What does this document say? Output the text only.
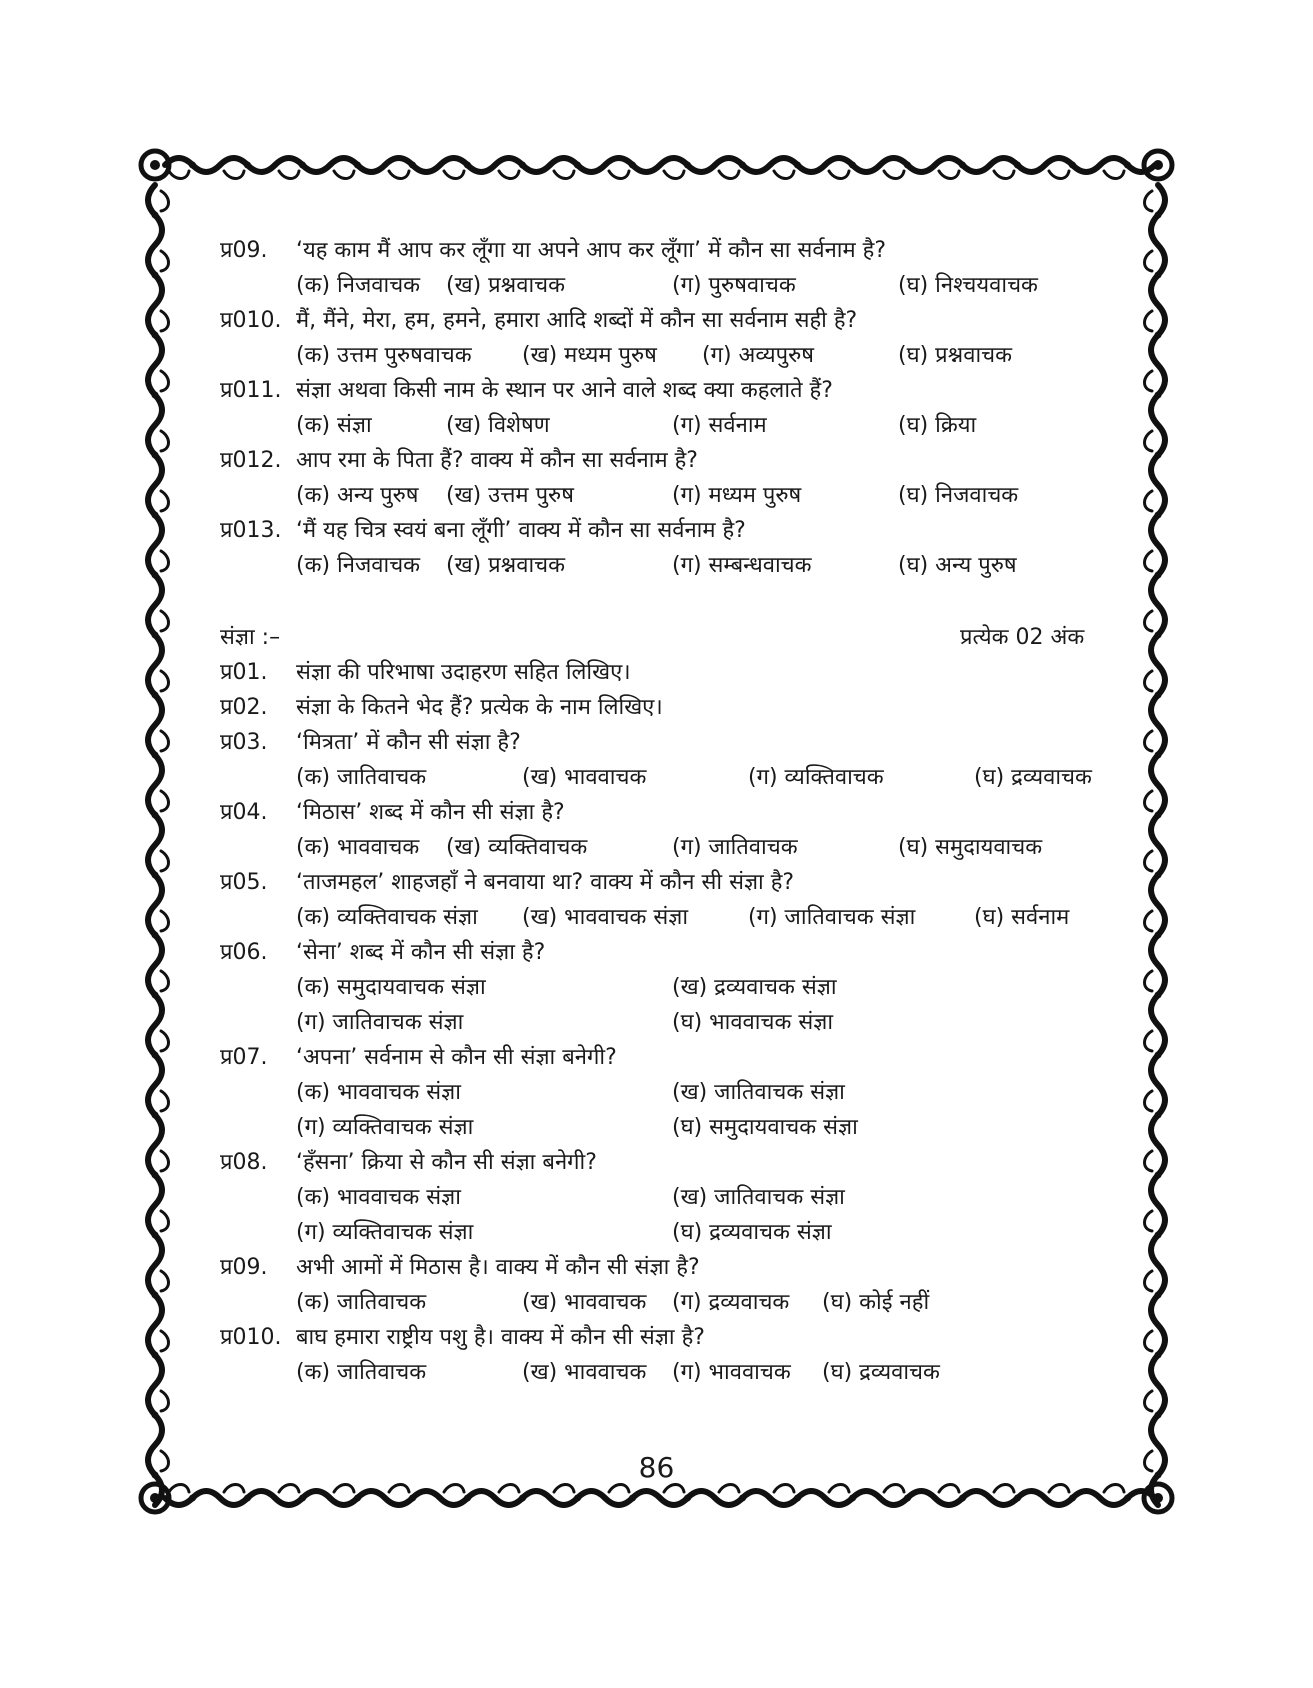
प्र09. ‘यह काम मैं आप कर लूँगा या अपने आप कर लूँगा’ में कौन सा सर्वनाम है?
(क) निजवाचक (ख) प्रश्नवाचक	(ग) पुरुषवाचक	(घ) निश्चयवाचक
प्र010. मैं, मैंने, मेरा, हम, हमने, हमारा आदि शब्दों में कौन सा सर्वनाम सही है?
(क) उत्तम पुरुषवाचक (ख) मध्यम पुरुष (ग) अव्यपुरुष	(घ) प्रश्नवाचक
प्र011. संज्ञा अथवा किसी नाम के स्थान पर आने वाले शब्द क्या कहलाते हैं?
(क) संज्ञा	(ख) विशेषण	(ग) सर्वनाम	(घ) क्रिया
प्र012. आप रमा के पिता हैं? वाक्य में कौन सा सर्वनाम है?
(क) अन्य पुरुष (ख) उत्तम पुरुष	(ग) मध्यम पुरुष	(घ) निजवाचक
प्र013. ‘मैं यह चित्र स्वयं बना लूँगी’ वाक्य में कौन सा सर्वनाम है?
(क) निजवाचक (ख) प्रश्नवाचक	(ग) सम्बन्धवाचक	(घ) अन्य पुरुष
संज्ञा :–	प्रत्येक 02 अंक
प्र01. संज्ञा की परिभाषा उदाहरण सहित लिखिए।
प्र02. संज्ञा के कितने भेद हैं? प्रत्येक के नाम लिखिए।
प्र03. ‘मित्रता’ में कौन सी संज्ञा है?
(क) जातिवाचक	(ख) भाववाचक	(ग) व्यक्तिवाचक	(घ) द्रव्यवाचक
प्र04. ‘मिठास’ शब्द में कौन सी संज्ञा है?
(क) भाववाचक (ख) व्यक्तिवाचक	(ग) जातिवाचक	(घ) समुदायवाचक
प्र05. ‘ताजमहल’ शाहजहाँ ने बनवाया था? वाक्य में कौन सी संज्ञा है?
(क) व्यक्तिवाचक संज्ञा (ख) भाववाचक संज्ञा	(ग) जातिवाचक संज्ञा	(घ) सर्वनाम
प्र06. ‘सेना’ शब्द में कौन सी संज्ञा है?
(क) समुदायवाचक संज्ञा	(ख) द्रव्यवाचक संज्ञा
(ग) जातिवाचक संज्ञा	(घ) भाववाचक संज्ञा
प्र07. ‘अपना’ सर्वनाम से कौन सी संज्ञा बनेगी?
(क) भाववाचक संज्ञा	(ख) जातिवाचक संज्ञा
(ग) व्यक्तिवाचक संज्ञा	(घ) समुदायवाचक संज्ञा
प्र08. ‘हँसना’ क्रिया से कौन सी संज्ञा बनेगी?
(क) भाववाचक संज्ञा	(ख) जातिवाचक संज्ञा
(ग) व्यक्तिवाचक संज्ञा	(घ) द्रव्यवाचक संज्ञा
प्र09. अभी आमों में मिठास है। वाक्य में कौन सी संज्ञा है?
(क) जातिवाचक	(ख) भाववाचक (ग) द्रव्यवाचक (घ) कोई नहीं
प्र010. बाघ हमारा राष्ट्रीय पशु है। वाक्य में कौन सी संज्ञा है?
(क) जातिवाचक	(ख) भाववाचक (ग) भाववाचक (घ) द्रव्यवाचक
86
